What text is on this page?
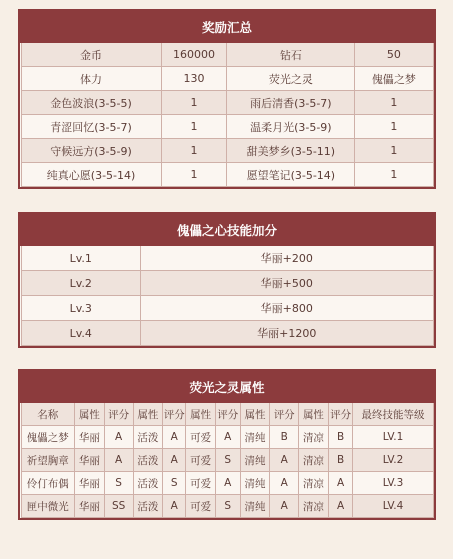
奖励汇总			
金币	160000	钻石	50
体力	130	荧光之灵	傀儡之梦
金色波浪(3-5-5)	1	雨后清香(3-5-7)	1
青涩回忆(3-5-7)	1	温柔月光(3-5-9)	1
守候远方(3-5-9)	1	甜美梦乡(3-5-11)	1
纯真心愿(3-5-14)	1	愿望笔记(3-5-14)	1
傀儡之心技能加分	
Lv.1	华丽+200
Lv.2	华丽+500
Lv.3	华丽+800
Lv.4	华丽+1200
荧光之灵属性											
名称	属性	评分	属性	评分	属性	评分	属性	评分	属性	评分	最终技能等级
傀儡之梦	华丽	A	活泼	A	可爱	A	清纯	B	清凉	B	LV.1
祈望胸章	华丽	A	活泼	A	可爱	S	清纯	A	清凉	B	LV.2
伶仃布偶	华丽	S	活泼	S	可爱	A	清纯	A	清凉	A	LV.3
匣中微光	华丽	SS	活泼	A	可爱	S	清纯	A	清凉	A	LV.4
